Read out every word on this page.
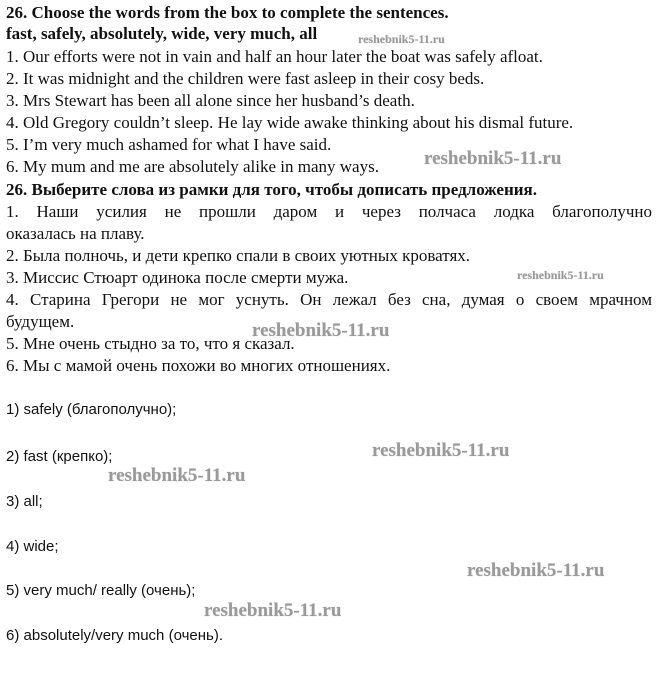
26. Choose the words from the box to complete the sentences.
fast, safely, absolutely, wide, very much, all
1. Our efforts were not in vain and half an hour later the boat was safely afloat.
2. It was midnight and the children were fast asleep in their cosy beds.
3. Mrs Stewart has been all alone since her husband’s death.
4. Old Gregory couldn’t sleep. He lay wide awake thinking about his dismal future.
5. I’m very much ashamed for what I have said.
6. My mum and me are absolutely alike in many ways.
26. Выберите слова из рамки для того, чтобы дописать предложения.
1. Наши усилия не прошли даром и через полчаса лодка благополучно
оказалась на плаву.
2. Была полночь, и дети крепко спали в своих уютных кроватях.
3. Миссис Стюарт одинока после смерти мужа.
4. Старина Грегори не мог уснуть. Он лежал без сна, думая о своем мрачном
будущем.
5. Мне очень стыдно за то, что я сказал.
6. Мы с мамой очень похожи во многих отношениях.
1) safely (благополучно);
2) fast (крепко);
3) all;
4) wide;
5) very much/ really (очень);
6) absolutely/very much (очень).
reshebnik5-11.ru
reshebnik5-11.ru
reshebnik5-11.ru
reshebnik5-11.ru
reshebnik5-11.ru
reshebnik5-11.ru
reshebnik5-11.ru
reshebnik5-11.ru
